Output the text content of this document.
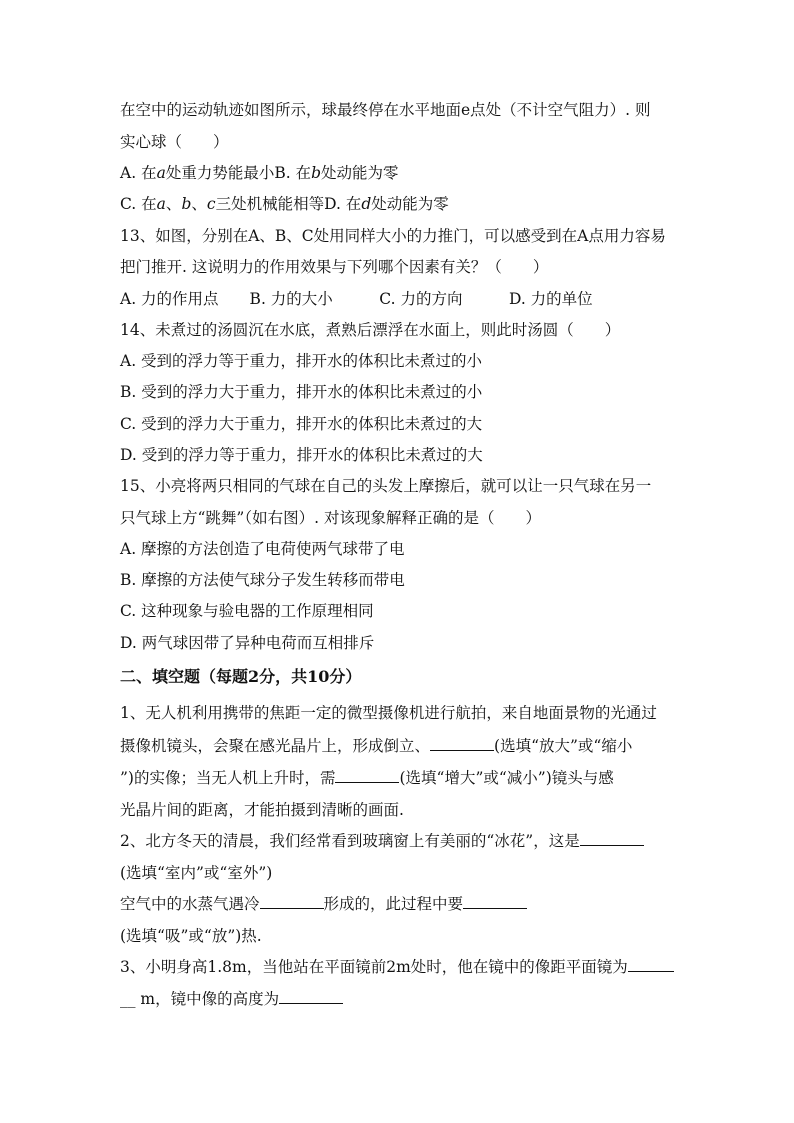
在空中的运动轨迹如图所示，球最终停在水平地面e点处（不计空气阻力）. 则
实心球（　　）
A. 在a处重力势能最小B. 在b处动能为零
C. 在a、b、c三处机械能相等D. 在d处动能为零
13、如图，分别在A、B、C处用同样大小的力推门，可以感受到在A点用力容易
把门推开. 这说明力的作用效果与下列哪个因素有关？（　　）
A. 力的作用点　　B. 力的大小　　　C. 力的方向　　　D. 力的单位
14、未煮过的汤圆沉在水底，煮熟后漂浮在水面上，则此时汤圆（　　）
A. 受到的浮力等于重力，排开水的体积比未煮过的小
B. 受到的浮力大于重力，排开水的体积比未煮过的小
C. 受到的浮力大于重力，排开水的体积比未煮过的大
D. 受到的浮力等于重力，排开水的体积比未煮过的大
15、小亮将两只相同的气球在自己的头发上摩擦后，就可以让一只气球在另一
只气球上方“跳舞”（如右图）. 对该现象解释正确的是（　　）
A. 摩擦的方法创造了电荷使两气球带了电
B. 摩擦的方法使气球分子发生转移而带电
C. 这种现象与验电器的工作原理相同
D. 两气球因带了异种电荷而互相排斥
二、填空题（每题2分，共10分）
1、无人机利用携带的焦距一定的微型摄像机进行航拍，来自地面景物的光通过
摄像机镜头，会聚在感光晶片上，形成倒立、	(选填“放大”或“缩小
”)的实像；当无人机上升时，需	(选填“增大”或“减小”)镜头与感
光晶片间的距离，才能拍摄到清晰的画面.
2、北方冬天的清晨，我们经常看到玻璃窗上有美丽的“冰花”，这是
(选填“室内”或“室外”)
空气中的水蒸气遇冷	形成的，此过程中要
(选填“吸”或“放”)热.
3、小明身高1.8m，当他站在平面镜前2m处时，他在镜中的像距平面镜为
__ m，镜中像的高度为
